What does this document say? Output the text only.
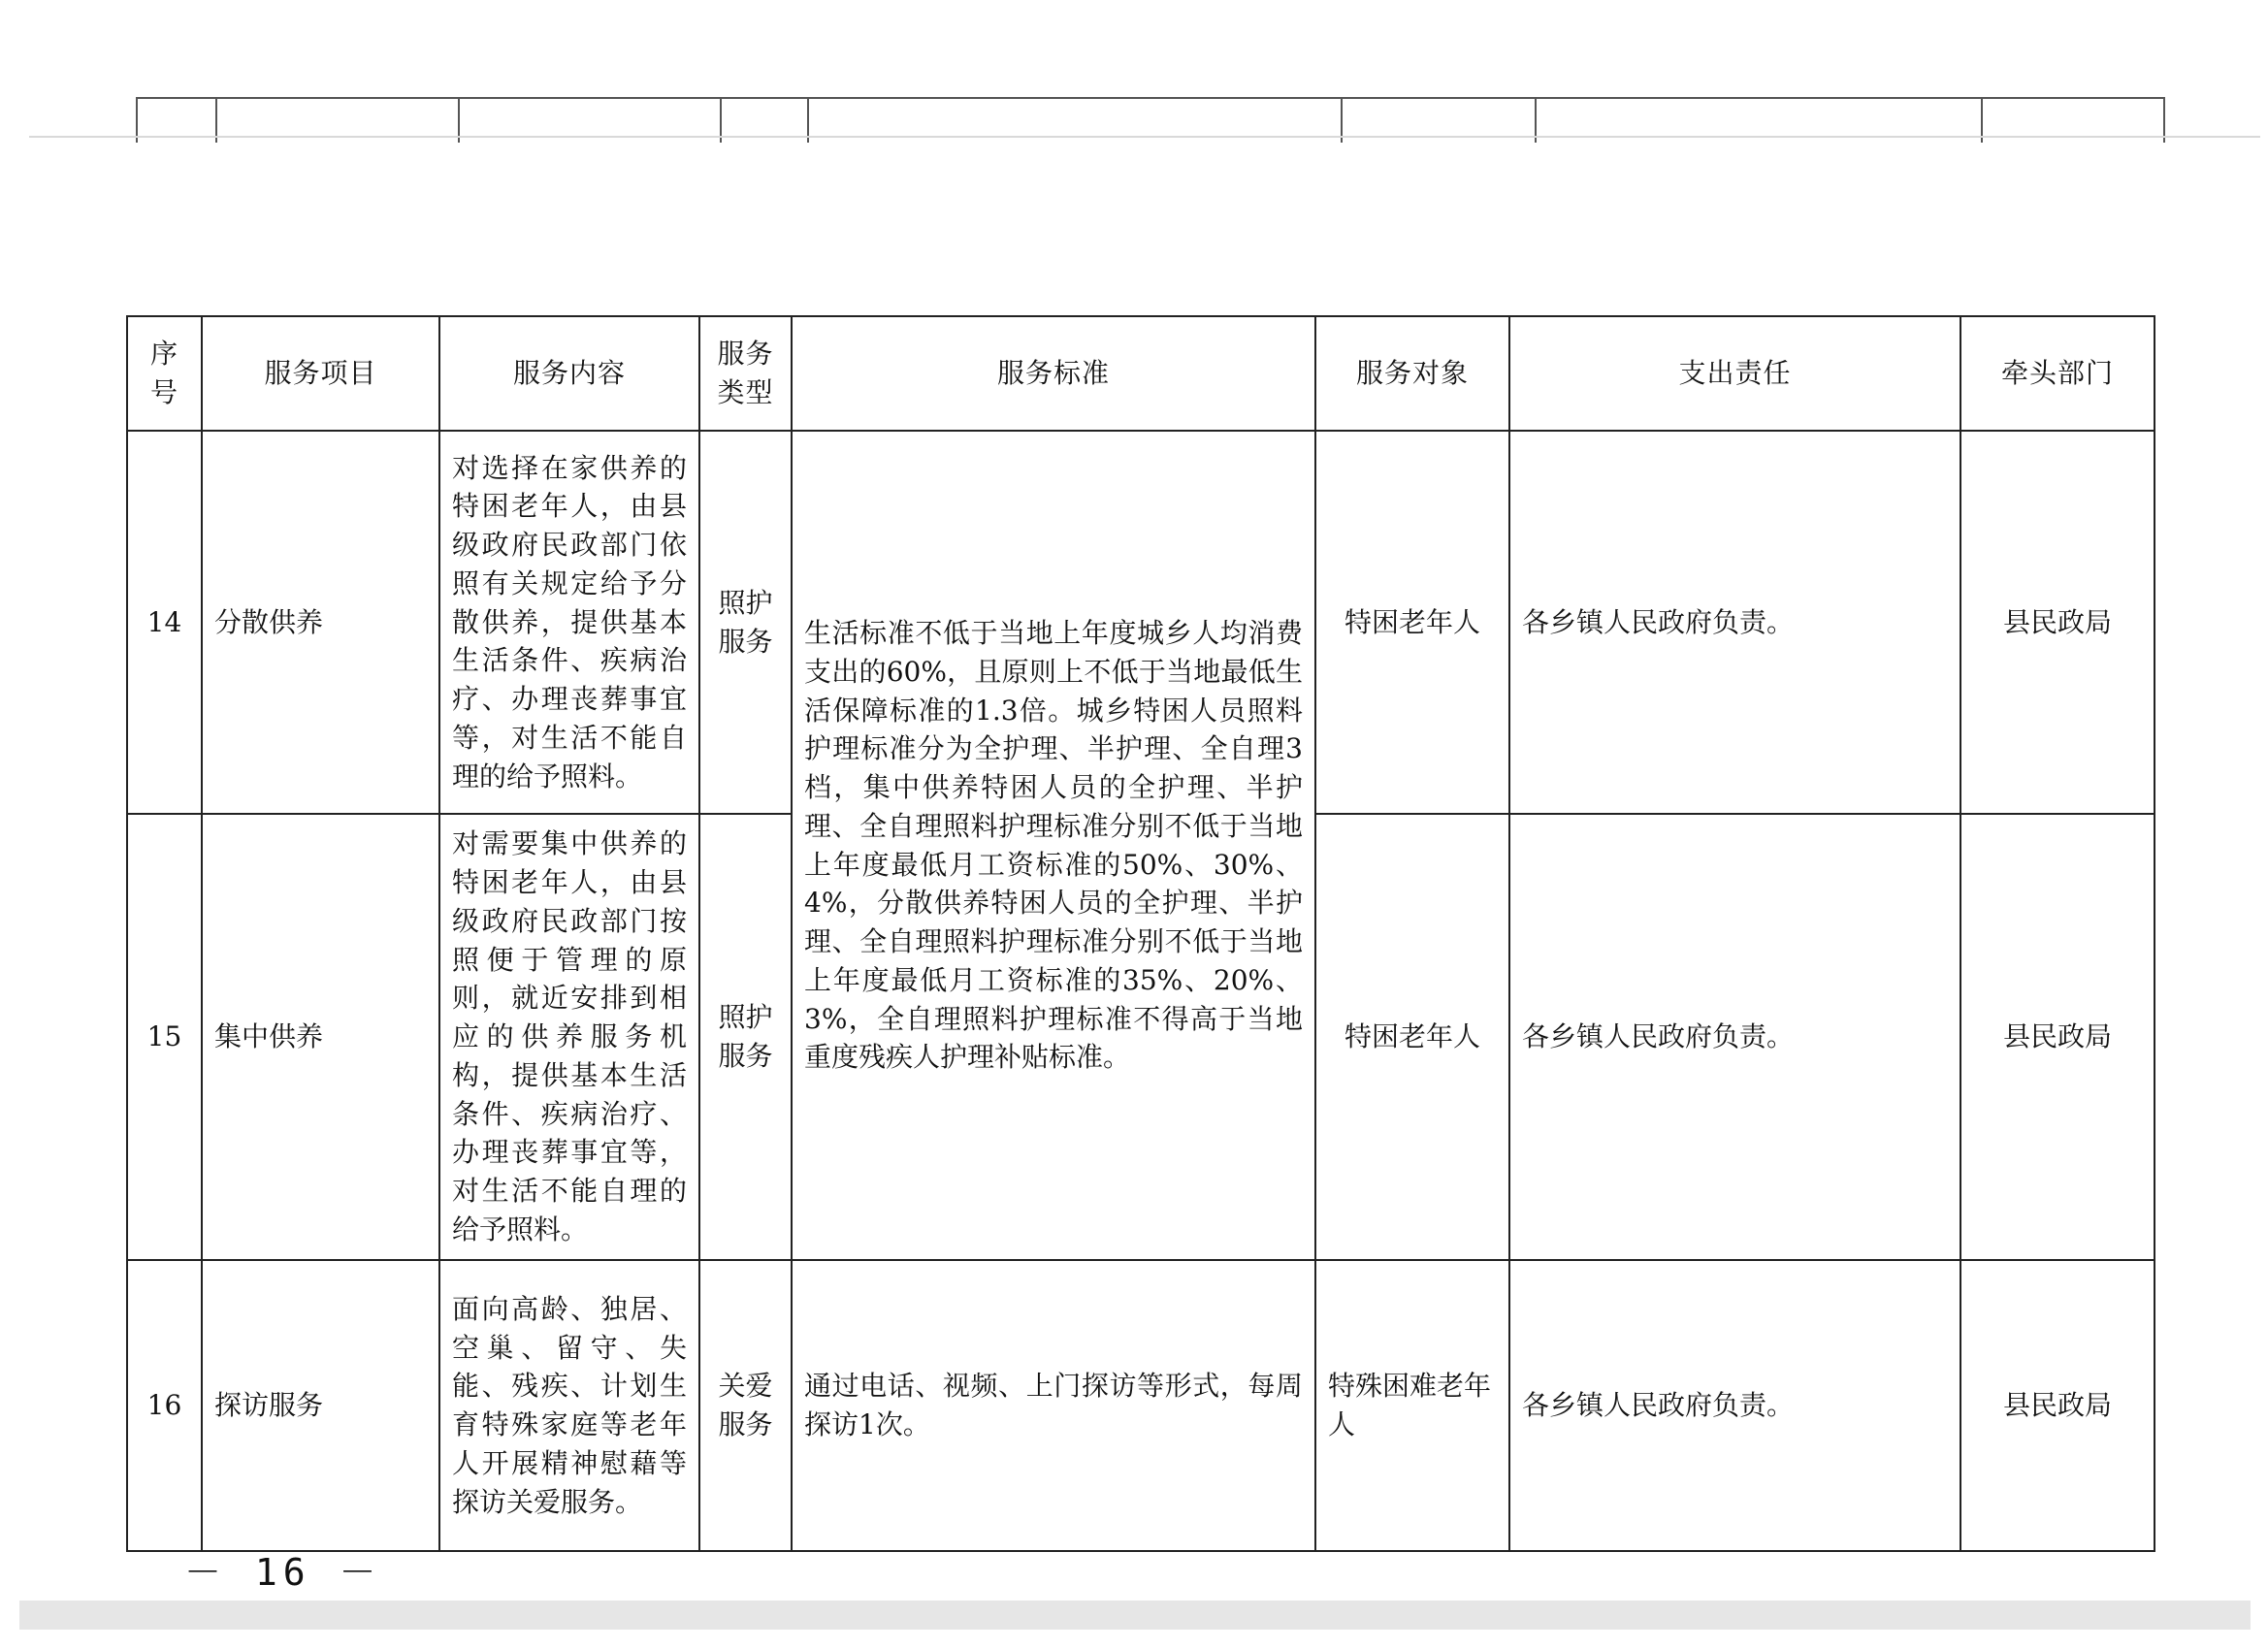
序号	服务项目	服务内容	服务类型	服务标准	服务对象	支出责任	牵头部门
14	分散供养	对选择在家供养的特困老年人，由县级政府民政部门依照有关规定给予分散供养，提供基本生活条件、疾病治疗、办理丧葬事宜等，对生活不能自理的给予照料。	照护服务	生活标准不低于当地上年度城乡人均消费支出的60%，且原则上不低于当地最低生活保障标准的1.3倍。城乡特困人员照料护理标准分为全护理、半护理、全自理3档，集中供养特困人员的全护理、半护理、全自理照料护理标准分别不低于当地上年度最低月工资标准的50%、30%、4%，分散供养特困人员的全护理、半护理、全自理照料护理标准分别不低于当地上年度最低月工资标准的35%、20%、3%，全自理照料护理标准不得高于当地重度残疾人护理补贴标准。	特困老年人	各乡镇人民政府负责。	县民政局
15	集中供养	对需要集中供养的特困老年人，由县级政府民政部门按照便于管理的原则，就近安排到相应的供养服务机构，提供基本生活条件、疾病治疗、办理丧葬事宜等，对生活不能自理的给予照料。	照护服务		特困老年人	各乡镇人民政府负责。	县民政局
16	探访服务	面向高龄、独居、空巢、留守、失能、残疾、计划生育特殊家庭等老年人开展精神慰藉等探访关爱服务。	关爱服务	通过电话、视频、上门探访等形式，每周探访1次。	特殊困难老年人	各乡镇人民政府负责。	县民政局
－ 16 －
